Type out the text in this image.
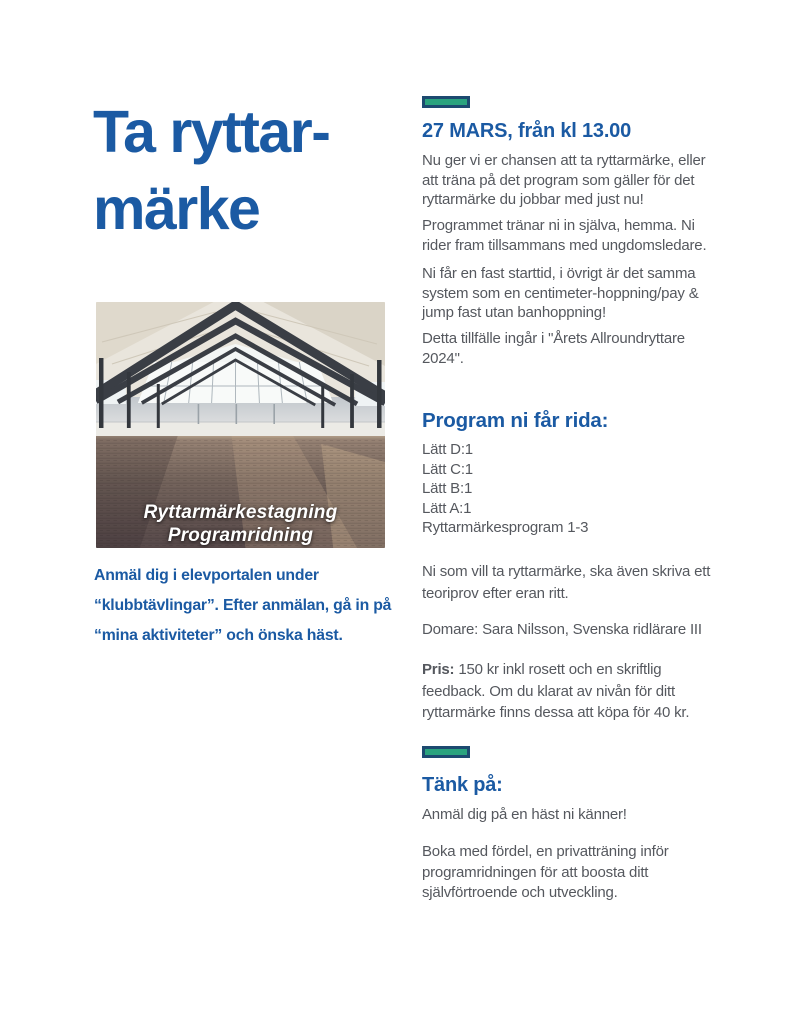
Ta ryttar-
märke
Ryttarmärkestagning
Programridning
Anmäl dig i elevportalen under
“klubbtävlingar”. Efter anmälan, gå in på
“mina aktiviteter” och önska häst.
27 MARS, från kl 13.00
Nu ger vi er chansen att ta ryttarmärke, eller
att träna på det program som gäller för det
ryttarmärke du jobbar med just nu!
Programmet tränar ni in själva, hemma. Ni
rider fram tillsammans med ungdomsledare.
Ni får en fast starttid, i övrigt är det samma
system som en centimeter-hoppning/pay &
jump fast utan banhoppning!
Detta tillfälle ingår i "Årets Allroundryttare
2024".
Program ni får rida:
Lätt D:1
Lätt C:1
Lätt B:1
Lätt A:1
Ryttarmärkesprogram 1-3
Ni som vill ta ryttarmärke, ska även skriva ett
teoriprov efter eran ritt.
Domare: Sara Nilsson, Svenska ridlärare III
Pris: 150 kr inkl rosett och en skriftlig
feedback. Om du klarat av nivån för ditt
ryttarmärke finns dessa att köpa för 40 kr.
Tänk på:
Anmäl dig på en häst ni känner!
Boka med fördel, en privatträning inför
programridningen för att boosta ditt
självförtroende och utveckling.
